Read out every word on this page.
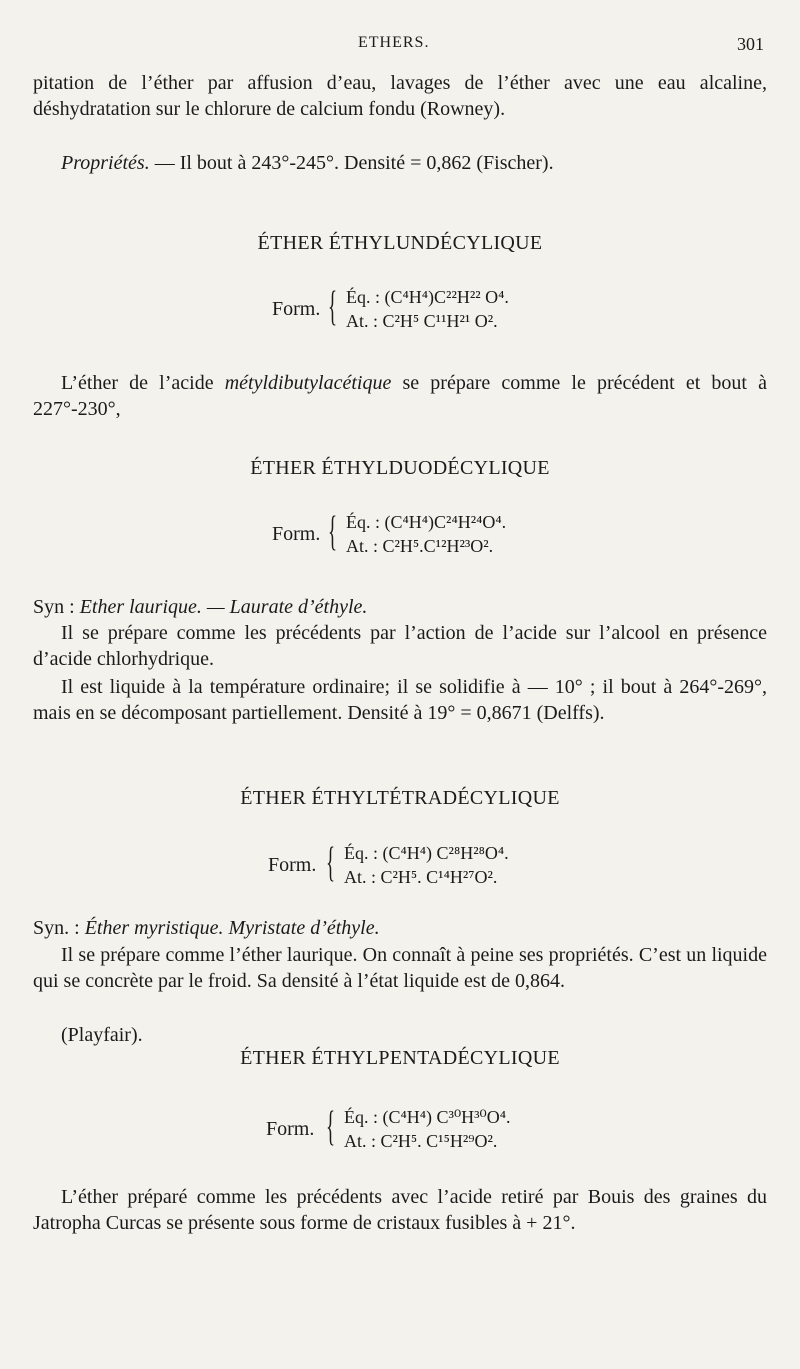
ETHERS.	301
pitation de l’éther par affusion d’eau, lavages de l’éther avec une eau alcaline, déshydratation sur le chlorure de calcium fondu (Rowney).
Propriétés. — Il bout à 243°-245°. Densité = 0,862 (Fischer).
ÉTHER ÉTHYLUNDÉCYLIQUE
Form. { Éq. : (C⁴H⁴)C²²H²² O⁴.
At. : C²H⁵ C¹¹H²¹ O².
L’éther de l’acide métyldibutylacétique se prépare comme le précédent et bout à 227°-230°,
ÉTHER ÉTHYLDUODÉCYLIQUE
Form. { Éq. : (C⁴H⁴)C²⁴H²⁴O⁴.
At. : C²H⁵.C¹²H²³O².
Syn : Ether laurique. — Laurate d’éthyle.
Il se prépare comme les précédents par l’action de l’acide sur l’alcool en présence d’acide chlorhydrique.
Il est liquide à la température ordinaire; il se solidifie à — 10° ; il bout à 264°-269°, mais en se décomposant partiellement. Densité à 19° = 0,8671 (Delffs).
ÉTHER ÉTHYLTÉTRADÉCYLIQUE
Form. { Éq. : (C⁴H⁴) C²⁸H²⁸O⁴.
At. : C²H⁵. C¹⁴H²⁷O².
Syn. : Éther myristique. Myristate d’éthyle.
Il se prépare comme l’éther laurique. On connaît à peine ses propriétés. C’est un liquide qui se concrète par le froid. Sa densité à l’état liquide est de 0,864.
(Playfair).
ÉTHER ÉTHYLPENTADÉCYLIQUE
Form. { Éq. : (C⁴H⁴) C³⁰H³⁰O⁴.
At. : C²H⁵. C¹⁵H²⁹O².
L’éther préparé comme les précédents avec l’acide retiré par Bouis des graines du Jatropha Curcas se présente sous forme de cristaux fusibles à + 21°.
